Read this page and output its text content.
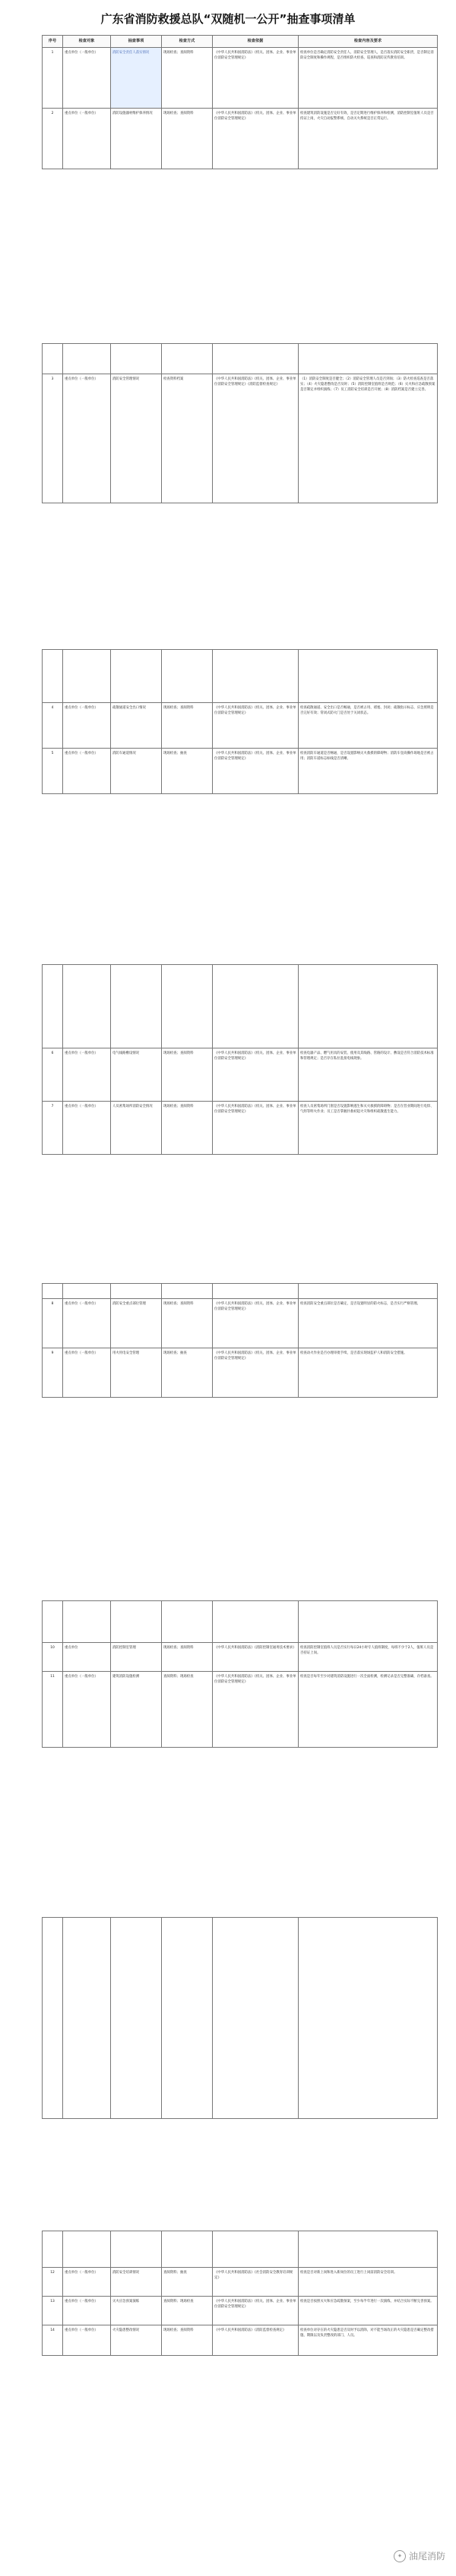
广东省消防救援总队“双随机一公开”抽查事项清单
序号	检查对象	抽查事项	检查方式	检查依据	检查内容及要求
1	重点单位（一般单位）	消防安全责任人落实情况	现场检查；查阅资料	《中华人民共和国消防法》《机关、团体、企业、事业单位消防安全管理规定》	检查单位是否确定消防安全责任人、消防安全管理人，是否落实消防安全职责，是否制定消防安全制度和操作规程，是否组织防火检查、巡查和消防宣传教育培训。
2	重点单位（一般单位）	消防设施器材维护保养情况	现场检查；查阅资料	《中华人民共和国消防法》《机关、团体、企业、事业单位消防安全管理规定》	检查建筑消防设施是否完好有效，是否定期进行维护保养和检测，消防控制室值班人员是否持证上岗，火灾自动报警系统、自动灭火系统是否正常运行。

3	重点单位（一般单位）	消防安全管理情况	检查资料档案	《中华人民共和国消防法》《机关、团体、企业、事业单位消防安全管理规定》《消防监督检查规定》	（1）消防安全制度是否健全；（2）消防安全管理人员是否到岗；（3）防火检查巡查是否落实；（4）火灾隐患整改是否及时；（5）消防控制室值班是否规范；（6）灭火和应急疏散预案是否制定并组织演练；（7）员工消防安全培训是否开展；（8）消防档案是否建立完善。

4	重点单位（一般单位）	疏散通道安全出口情况	现场检查；查阅资料	《中华人民共和国消防法》《机关、团体、企业、事业单位消防安全管理规定》	检查疏散通道、安全出口是否畅通，是否被占用、堵塞、封闭；疏散指示标志、应急照明是否完好有效；常闭式防火门是否处于关闭状态。
5	重点单位（一般单位）	消防车通道情况	现场检查；抽查	《中华人民共和国消防法》《机关、团体、企业、事业单位消防安全管理规定》	检查消防车通道是否畅通，是否设置影响灭火救援的障碍物；消防车登高操作场地是否被占用；消防车道标志标线是否清晰。

6	重点单位（一般单位）	电气线路敷设情况	现场检查；查阅资料	《中华人民共和国消防法》《机关、团体、企业、事业单位消防安全管理规定》	检查电器产品、燃气用具的安装、使用及其线路、管路的设计、敷设是否符合消防技术标准和管理规定；是否存在私拉乱接电线现象。
7	重点单位（一般单位）	人员密集场所消防安全情况	现场检查；查阅资料	《中华人民共和国消防法》《机关、团体、企业、事业单位消防安全管理规定》	检查人员密集场所门窗是否设置影响逃生和灭火救援的障碍物；是否在营业期间进行电焊、气焊等明火作业；员工是否掌握扑救初起火灾和组织疏散逃生能力。

8	重点单位（一般单位）	消防安全重点部位管理	现场检查；查阅资料	《中华人民共和国消防法》《机关、团体、企业、事业单位消防安全管理规定》	检查消防安全重点部位是否确定，是否设置明显的防火标志，是否实行严格管理。
9	重点单位（一般单位）	用火用电安全管理	现场检查；抽查	《中华人民共和国消防法》《机关、团体、企业、事业单位消防安全管理规定》	检查动火作业是否办理审批手续，是否落实现场监护人和消防安全措施。

10	重点单位	消防控制室管理	现场检查；查阅资料	《中华人民共和国消防法》《消防控制室通用技术要求》	检查消防控制室值班人员是否实行每日24小时专人值班制度，每班不少于2人，值班人员是否持证上岗。
11	重点单位（一般单位）	建筑消防设施检测	查阅资料；现场检查	《中华人民共和国消防法》《机关、团体、企业、事业单位消防安全管理规定》	检查是否每年至少对建筑消防设施进行一次全面检测，检测记录是否完整准确，存档备查。

12	重点单位（一般单位）	消防安全培训情况	查阅资料；抽查	《中华人民共和国消防法》《社会消防安全教育培训规定》	检查是否对新上岗和进入新岗位的员工进行上岗前消防安全培训。
13	重点单位（一般单位）	灭火应急预案演练	查阅资料；现场检查	《中华人民共和国消防法》《机关、团体、企业、事业单位消防安全管理规定》	检查是否按照灭火和应急疏散预案，至少每半年进行一次演练，并结合实际不断完善预案。
14	重点单位（一般单位）	火灾隐患整改情况	现场检查；查阅资料	《中华人民共和国消防法》《消防监督检查规定》	检查单位对存在的火灾隐患是否及时予以消除，对不能当场改正的火灾隐患是否确定整改措施、期限以及负责整改的部门、人员。
✦ 油尾消防
